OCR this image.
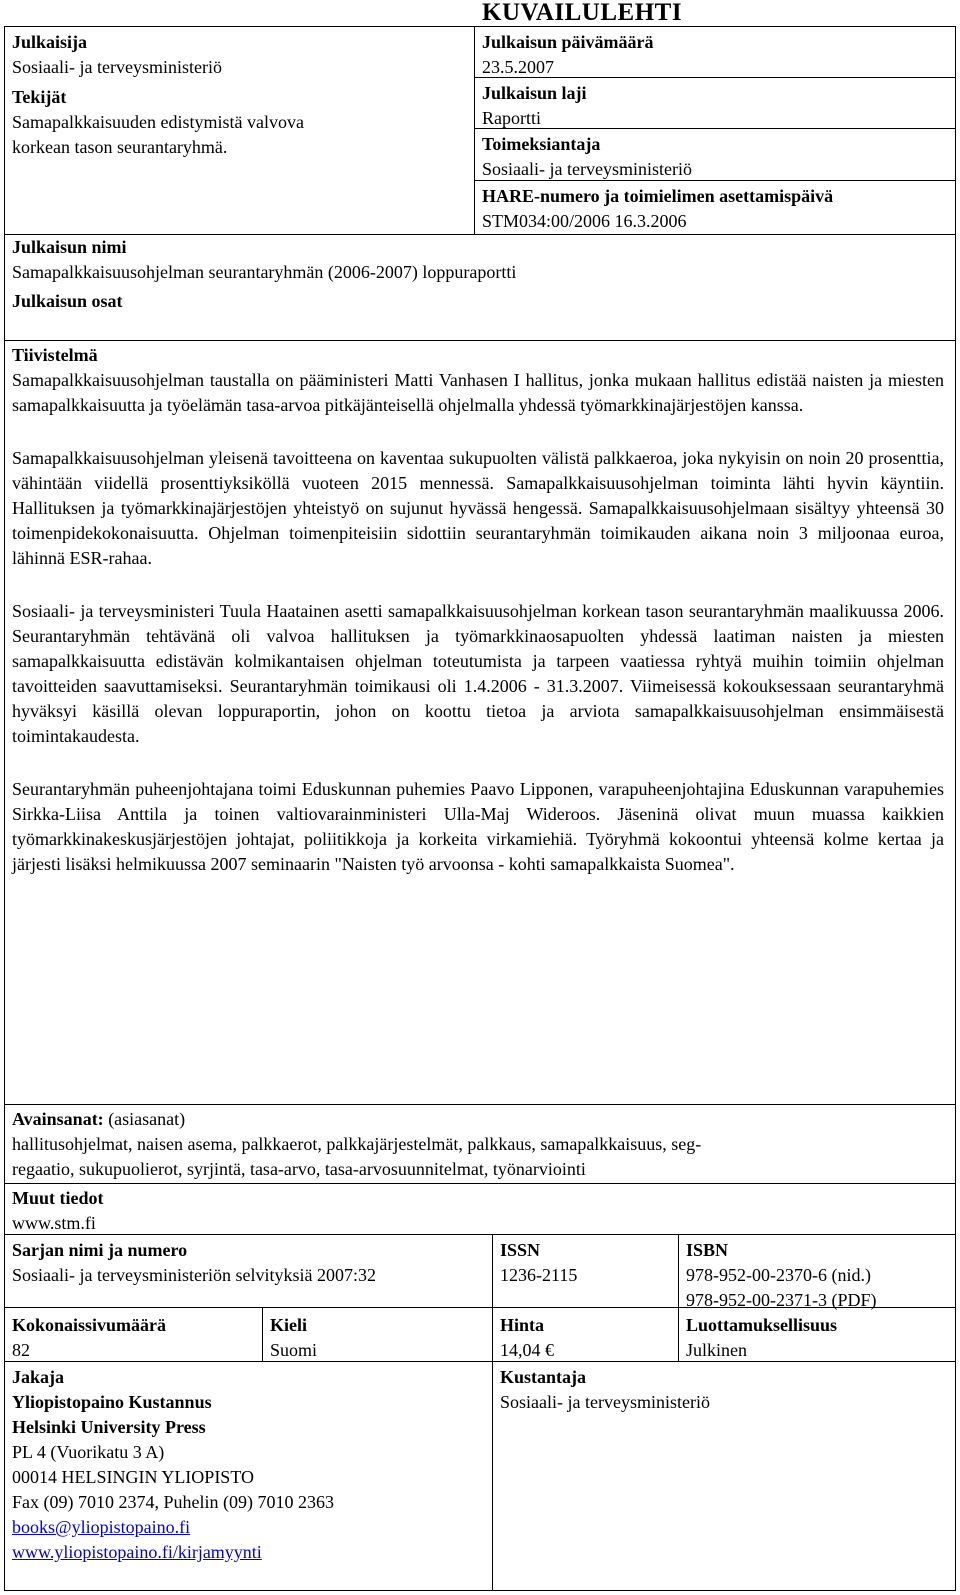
KUVAILULEHTI
Julkaisija
Sosiaali- ja terveysministeriö
Tekijät
Samapalkkaisuuden edistymistä valvova
korkean tason seurantaryhmä.
Julkaisun päivämäärä
23.5.2007
Julkaisun laji
Raportti
Toimeksiantaja
Sosiaali- ja terveysministeriö
HARE-numero ja toimielimen asettamispäivä
STM034:00/2006 16.3.2006
Julkaisun nimi
Samapalkkaisuusohjelman seurantaryhmän (2006-2007) loppuraportti
Julkaisun osat
Tiivistelmä

Samapalkkaisuusohjelman taustalla on pääministeri Matti Vanhasen I hallitus, jonka mukaan hallitus edistää naisten ja miesten samapalkkaisuutta ja työelämän tasa-arvoa pitkäjänteisellä ohjelmalla yhdessä työmarkkinajärjestöjen kanssa.

Samapalkkaisuusohjelman yleisenä tavoitteena on kaventaa sukupuolten välistä palkkaeroa, joka nykyisin on noin 20 prosenttia, vähintään viidellä prosenttiyksiköllä vuoteen 2015 mennessä. Samapalkkaisuusohjelman toiminta lähti hyvin käyntiin. Hallituksen ja työmarkkinajärjestöjen yhteistyö on sujunut hyvässä hengessä. Samapalkkaisuusohjelmaan sisältyy yhteensä 30 toimenpidekokonaisuutta. Ohjelman toimenpiteisiin sidottiin seurantaryhmän toimikauden aikana noin 3 miljoonaa euroa, lähinnä ESR-rahaa.

Sosiaali- ja terveysministeri Tuula Haatainen asetti samapalkkaisuusohjelman korkean tason seurantaryhmän maalikuussa 2006. Seurantaryhmän tehtävänä oli valvoa hallituksen ja työmarkkinaosapuolten yhdessä laatiman naisten ja miesten samapalkkaisuutta edistävän kolmikantaisen ohjelman toteutumista ja tarpeen vaatiessa ryhtyä muihin toimiin ohjelman tavoitteiden saavuttamiseksi. Seurantaryhmän toimikausi oli 1.4.2006 - 31.3.2007. Viimeisessä kokouksessaan seurantaryhmä hyväksyi käsillä olevan loppuraportin, johon on koottu tietoa ja arviota samapalkkaisuusohjelman ensimmäisestä toimintakaudesta.

Seurantaryhmän puheenjohtajana toimi Eduskunnan puhemies Paavo Lipponen, varapuheenjohtajina Eduskunnan varapuhemies Sirkka-Liisa Anttila ja toinen valtiovarainministeri Ulla-Maj Wideroos. Jäseninä olivat muun muassa kaikkien työmarkkinakeskusjärjestöjen johtajat, poliitikkoja ja korkeita virkamiehiä. Työryhmä kokoontui yhteensä kolme kertaa ja järjesti lisäksi helmikuussa 2007 seminaarin "Naisten työ arvoonsa - kohti samapalkkaista Suomea".

Avainsanat: (asiasanat)
hallitusohjelmat, naisen asema, palkkaerot, palkkajärjestelmät, palkkaus, samapalkkaisuus, seg-
regaatio, sukupuolierot, syrjintä, tasa-arvo, tasa-arvosuunnitelmat, työnarviointi
Muut tiedot
www.stm.fi
Sarjan nimi ja numero
Sosiaali- ja terveysministeriön selvityksiä 2007:32
ISSN
1236-2115
ISBN
978-952-00-2370-6 (nid.)
978-952-00-2371-3 (PDF)
Kokonaissivumäärä
82
Kieli
Suomi
Hinta
14,04 €
Luottamuksellisuus
Julkinen
Jakaja
Yliopistopaino Kustannus
Helsinki University Press
PL 4 (Vuorikatu 3 A)
00014 HELSINGIN YLIOPISTO
Fax (09) 7010 2374, Puhelin (09) 7010 2363
books@yliopistopaino.fi
www.yliopistopaino.fi/kirjamyynti
Kustantaja
Sosiaali- ja terveysministeriö
